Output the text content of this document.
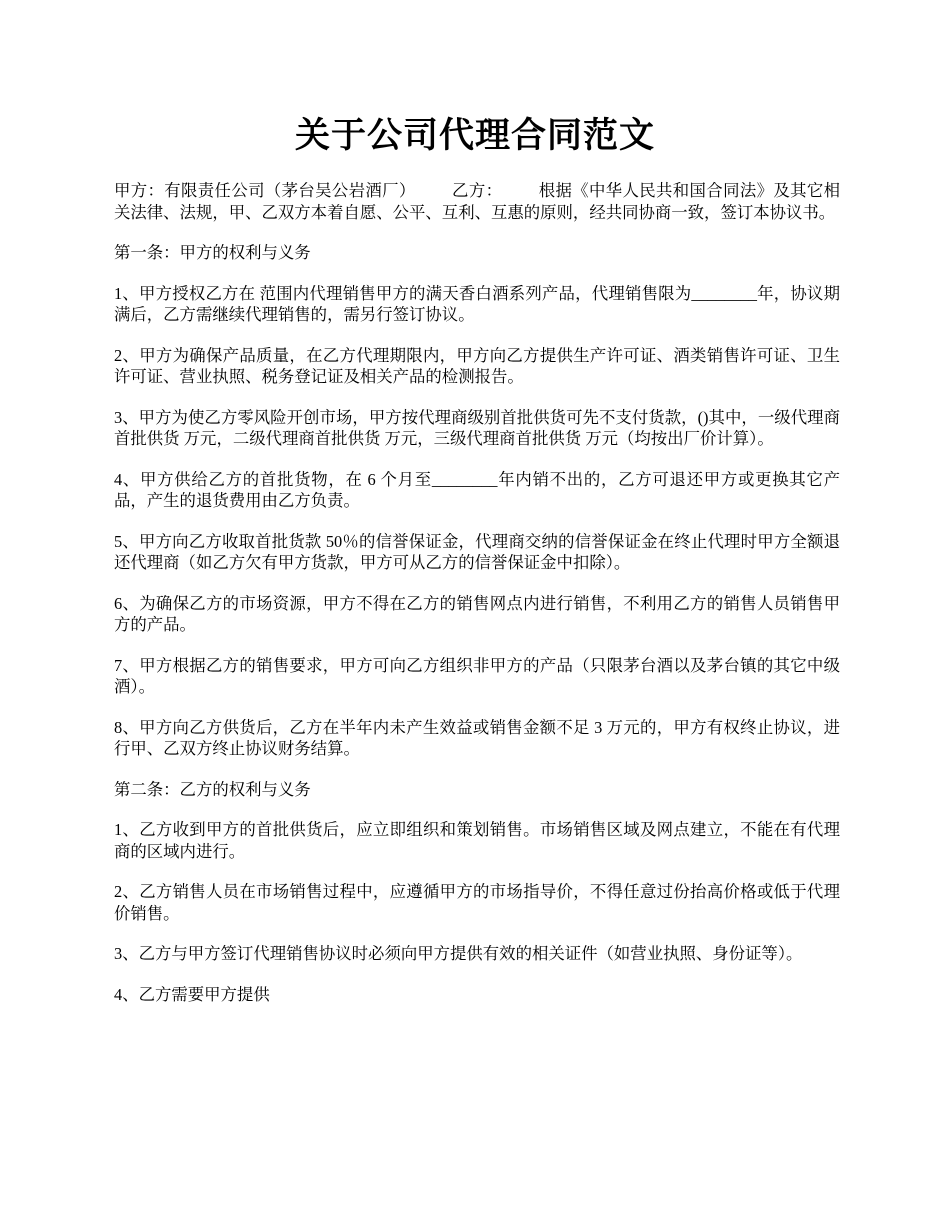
关于公司代理合同范文

甲方：有限责任公司（茅台吴公岩酒厂） 乙方： 根据《中华人民共和国合同法》及其它相关法律、法规，甲、乙双方本着自愿、公平、互利、互惠的原则，经共同协商一致，签订本协议书。

第一条：甲方的权利与义务

1、甲方授权乙方在 范围内代理销售甲方的满天香白酒系列产品，代理销售限为________年，协议期满后，乙方需继续代理销售的，需另行签订协议。

2、甲方为确保产品质量，在乙方代理期限内，甲方向乙方提供生产许可证、酒类销售许可证、卫生许可证、营业执照、税务登记证及相关产品的检测报告。

3、甲方为使乙方零风险开创市场，甲方按代理商级别首批供货可先不支付货款，()其中，一级代理商首批供货 万元，二级代理商首批供货 万元，三级代理商首批供货 万元（均按出厂价计算）。

4、甲方供给乙方的首批货物，在 6 个月至________年内销不出的，乙方可退还甲方或更换其它产品，产生的退货费用由乙方负责。

5、甲方向乙方收取首批货款 50％的信誉保证金，代理商交纳的信誉保证金在终止代理时甲方全额退还代理商（如乙方欠有甲方货款，甲方可从乙方的信誉保证金中扣除）。

6、为确保乙方的市场资源，甲方不得在乙方的销售网点内进行销售，不利用乙方的销售人员销售甲方的产品。

7、甲方根据乙方的销售要求，甲方可向乙方组织非甲方的产品（只限茅台酒以及茅台镇的其它中级酒）。

8、甲方向乙方供货后，乙方在半年内未产生效益或销售金额不足 3 万元的，甲方有权终止协议，进行甲、乙双方终止协议财务结算。

第二条：乙方的权利与义务

1、乙方收到甲方的首批供货后，应立即组织和策划销售。市场销售区域及网点建立，不能在有代理商的区域内进行。

2、乙方销售人员在市场销售过程中，应遵循甲方的市场指导价，不得任意过份抬高价格或低于代理价销售。

3、乙方与甲方签订代理销售协议时必须向甲方提供有效的相关证件（如营业执照、身份证等）。

4、乙方需要甲方提供
